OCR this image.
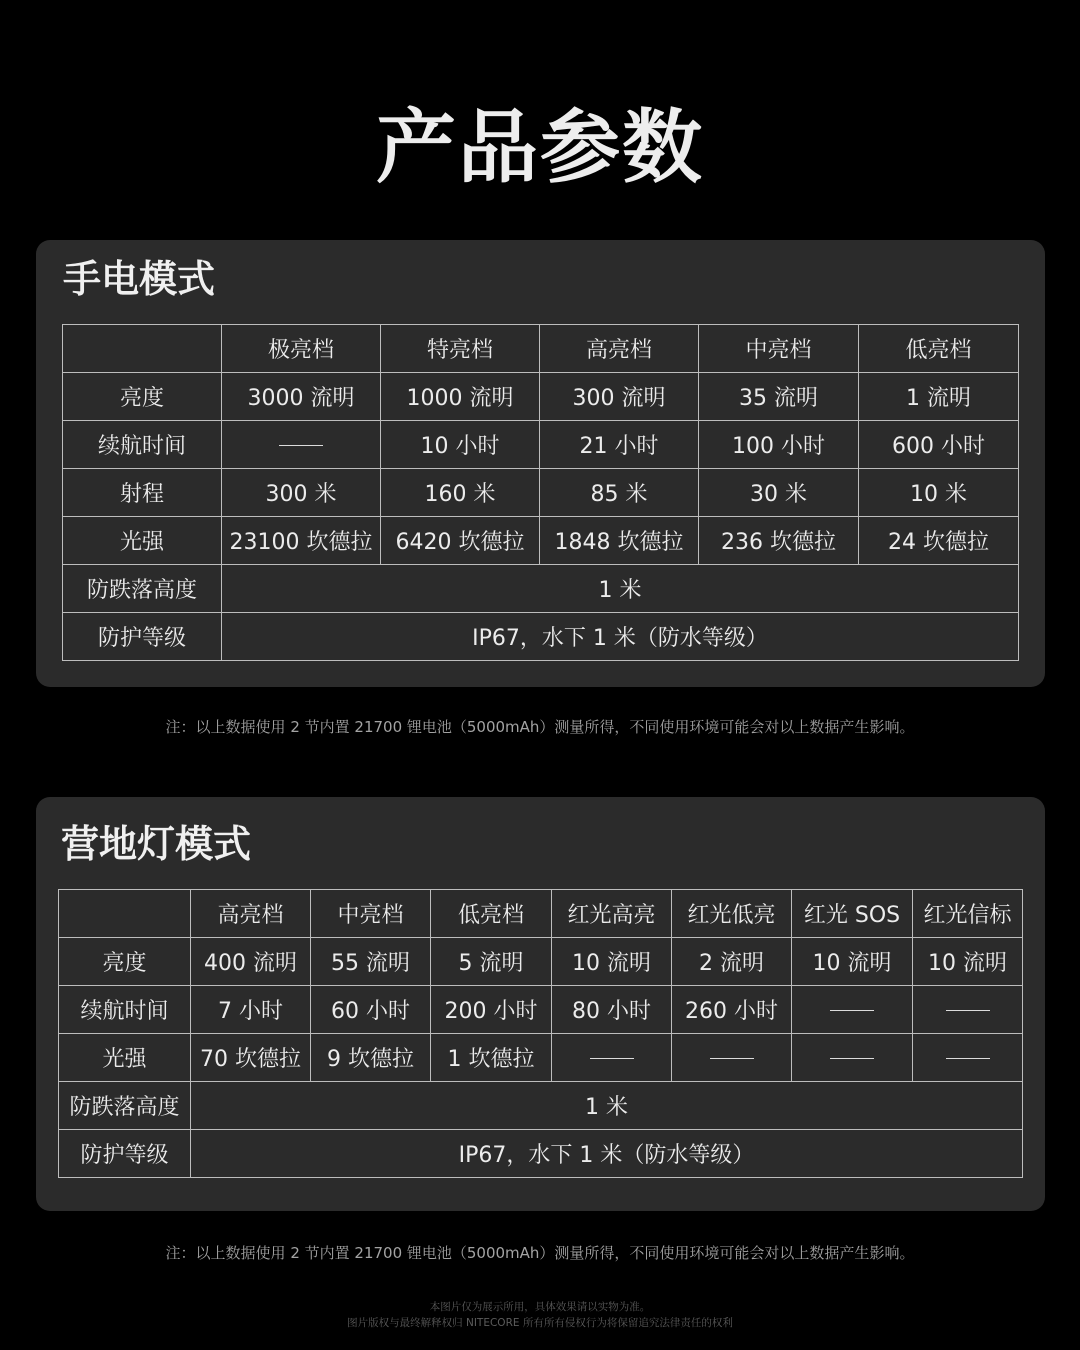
产品参数
手电模式
	极亮档	特亮档	高亮档	中亮档	低亮档
亮度	3000 流明	1000 流明	300 流明	35 流明	1 流明
续航时间		10 小时	21 小时	100 小时	600 小时
射程	300 米	160 米	85 米	30 米	10 米
光强	23100 坎德拉	6420 坎德拉	1848 坎德拉	236 坎德拉	24 坎德拉
防跌落高度	1 米				
防护等级	IP67，水下 1 米（防水等级）				
注：以上数据使用 2 节内置 21700 锂电池（5000mAh）测量所得，不同使用环境可能会对以上数据产生影响。
营地灯模式
	高亮档	中亮档	低亮档	红光高亮	红光低亮	红光 SOS	红光信标
亮度	400 流明	55 流明	5 流明	10 流明	2 流明	10 流明	10 流明
续航时间	7 小时	60 小时	200 小时	80 小时	260 小时		
光强	70 坎德拉	9 坎德拉	1 坎德拉				
防跌落高度	1 米						
防护等级	IP67，水下 1 米（防水等级）						
注：以上数据使用 2 节内置 21700 锂电池（5000mAh）测量所得，不同使用环境可能会对以上数据产生影响。
本图片仅为展示所用，具体效果请以实物为准。
图片版权与最终解释权归 NITECORE 所有所有侵权行为将保留追究法律责任的权利
